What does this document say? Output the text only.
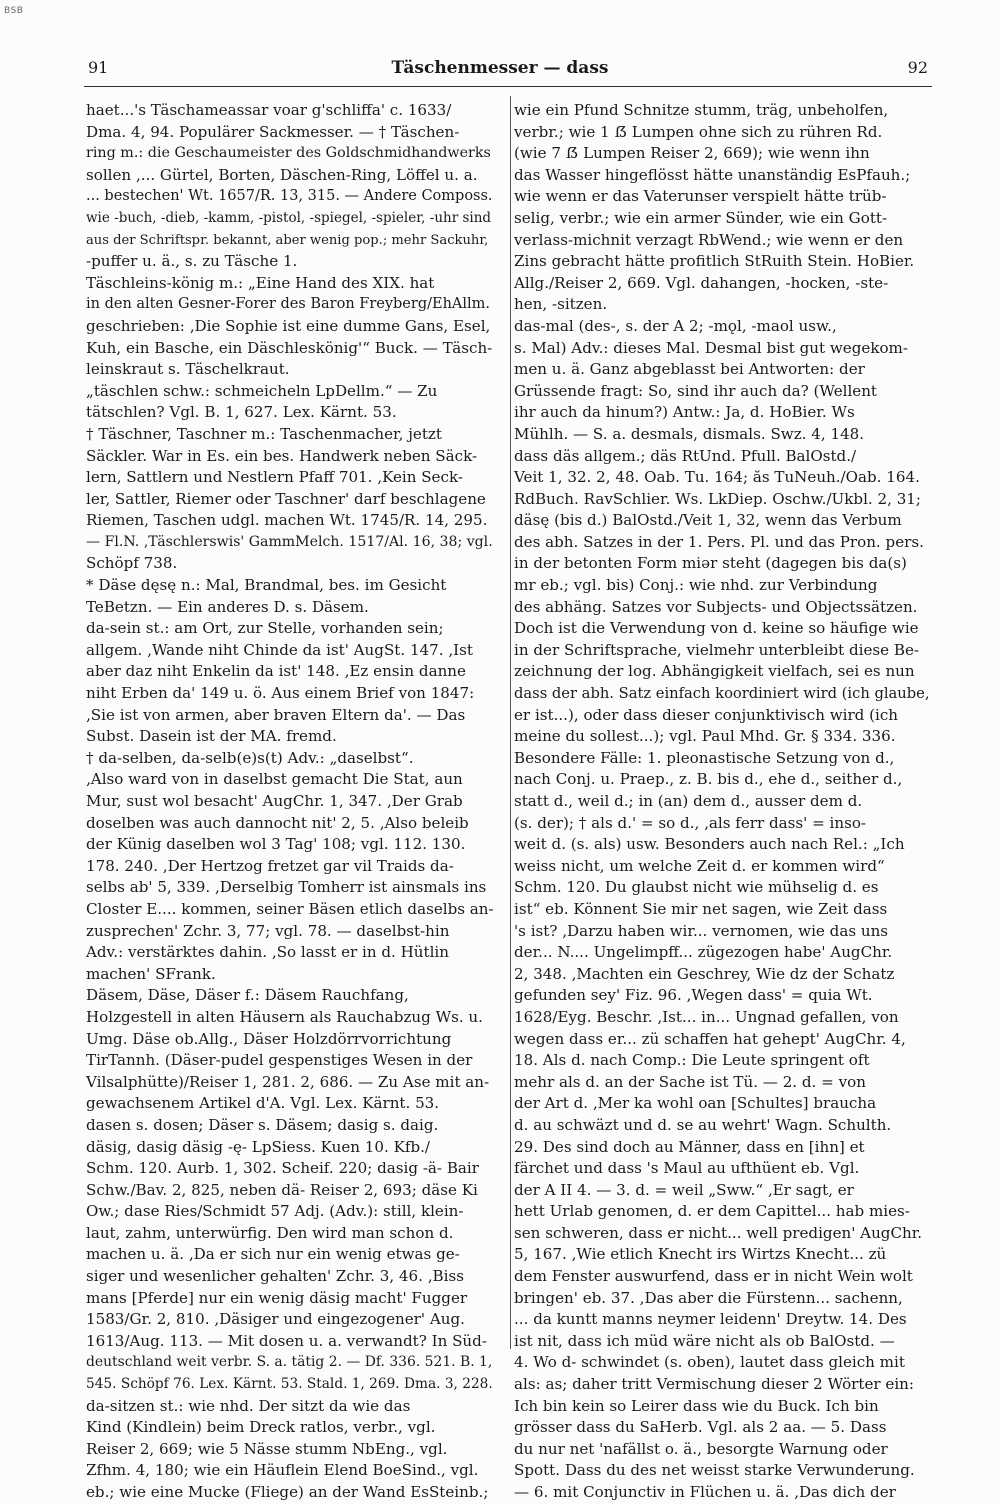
BSB
91	Täschenmesser — dass	92

haet...'s Täschameassar voar g'schliffa' c. 1633/

Dma. 4, 94. Populärer Sackmesser. — † Täschen-

ring m.: die Geschaumeister des Goldschmidhandwerks

sollen ,... Gürtel, Borten, Däschen-Ring, Löffel u. a.

... bestechen' Wt. 1657/R. 13, 315. — Andere Composs.

wie -buch, -dieb, -kamm, -pistol, -spiegel, -spieler, -uhr sind

aus der Schriftspr. bekannt, aber wenig pop.; mehr Sackuhr,

-puffer u. ä., s. zu Täsche 1.

Täschleins-könig m.: „Eine Hand des XIX. hat

in den alten Gesner-Forer des Baron Freyberg/EhAllm.

geschrieben: ‚Die Sophie ist eine dumme Gans, Esel,

Kuh, ein Basche, ein Däschleskönig'“ Buck. — Täsch-

leinskraut s. Täschelkraut.

„täschlen schw.: schmeicheln LpDellm.“ — Zu

tätschlen? Vgl. B. 1, 627. Lex. Kärnt. 53.

† Täschner, Taschner m.: Taschenmacher, jetzt

Säckler. War in Es. ein bes. Handwerk neben Säck-

lern, Sattlern und Nestlern Pfaff 701. ‚Kein Seck-

ler, Sattler, Riemer oder Taschner' darf beschlagene

Riemen, Taschen udgl. machen Wt. 1745/R. 14, 295.

— Fl.N. ‚Täschlerswis' GammMelch. 1517/Al. 16, 38; vgl.

Schöpf 738.

* Däse dęsę n.: Mal, Brandmal, bes. im Gesicht

TeBetzn. — Ein anderes D. s. Däsem.

da-sein st.: am Ort, zur Stelle, vorhanden sein;

allgem. ‚Wande niht Chinde da ist' AugSt. 147. ‚Ist

aber daz niht Enkelin da ist' 148. ‚Ez ensin danne

niht Erben da' 149 u. ö. Aus einem Brief von 1847:

‚Sie ist von armen, aber braven Eltern da'. — Das

Subst. Dasein ist der MA. fremd.

† da-selben, da-selb(e)s(t) Adv.: „daselbst“.

‚Also ward von in daselbst gemacht Die Stat, aun

Mur, sust wol besacht' AugChr. 1, 347. ‚Der Grab

doselben was auch dannocht nit' 2, 5. ‚Also beleib

der Künig daselben wol 3 Tag' 108; vgl. 112. 130.

178. 240. ‚Der Hertzog fretzet gar vil Traids da-

selbs ab' 5, 339. ‚Derselbig Tomherr ist ainsmals ins

Closter E.... kommen, seiner Bäsen etlich daselbs an-

zusprechen' Zchr. 3, 77; vgl. 78. — daselbst-hin

Adv.: verstärktes dahin. ‚So lasst er in d. Hütlin

machen' SFrank.

Däsem, Däse, Däser f.: Däsem Rauchfang,

Holzgestell in alten Häusern als Rauchabzug Ws. u.

Umg. Däse ob.Allg., Däser Holzdörrvorrichtung

TirTannh. (Däser-pudel gespenstiges Wesen in der

Vilsalphütte)/Reiser 1, 281. 2, 686. — Zu Ase mit an-

gewachsenem Artikel d'A. Vgl. Lex. Kärnt. 53.

dasen s. dosen; Däser s. Däsem; dasig s. daig.

däsig, dasig däsig -ę- LpSiess. Kuen 10. Kfb./

Schm. 120. Aurb. 1, 302. Scheif. 220; dasig -ä- Bair

Schw./Bav. 2, 825, neben dä- Reiser 2, 693; däse Ki

Ow.; dase Ries/Schmidt 57 Adj. (Adv.): still, klein-

laut, zahm, unterwürfig. Den wird man schon d.

machen u. ä. ‚Da er sich nur ein wenig etwas ge-

siger und wesenlicher gehalten' Zchr. 3, 46. ‚Biss

mans [Pferde] nur ein wenig däsig macht' Fugger

1583/Gr. 2, 810. ‚Däsiger und eingezogener' Aug.

1613/Aug. 113. — Mit dosen u. a. verwandt? In Süd-

deutschland weit verbr. S. a. tätig 2. — Df. 336. 521. B. 1,

545. Schöpf 76. Lex. Kärnt. 53. Stald. 1, 269. Dma. 3, 228.

da-sitzen st.: wie nhd. Der sitzt da wie das

Kind (Kindlein) beim Dreck ratlos, verbr., vgl.

Reiser 2, 669; wie 5 Nässe stumm NbEng., vgl.

Zfhm. 4, 180; wie ein Häuflein Elend BoeSind., vgl.

eb.; wie eine Mucke (Fliege) an der Wand EsSteinb.;

wie ein Pfund Schnitze stumm, träg, unbeholfen,

verbr.; wie 1 ẞ Lumpen ohne sich zu rühren Rd.

(wie 7 ẞ Lumpen Reiser 2, 669); wie wenn ihn

das Wasser hingeflösst hätte unanständig EsPfauh.;

wie wenn er das Vaterunser verspielt hätte trüb-

selig, verbr.; wie ein armer Sünder, wie ein Gott-

verlass-michnit verzagt RbWend.; wie wenn er den

Zins gebracht hätte profitlich StRuith Stein. HoBier.

Allg./Reiser 2, 669. Vgl. dahangen, -hocken, -ste-

hen, -sitzen.

das-mal (des-, s. der A 2; -mǫl, -maol usw.,

s. Mal) Adv.: dieses Mal. Desmal bist gut wegekom-

men u. ä. Ganz abgeblasst bei Antworten: der

Grüssende fragt: So, sind ihr auch da? (Wellent

ihr auch da hinum?) Antw.: Ja, d. HoBier. Ws

Mühlh. — S. a. desmals, dismals. Swz. 4, 148.

dass däs allgem.; däs RtUnd. Pfull. BalOstd./

Veit 1, 32. 2, 48. Oab. Tu. 164; ăs TuNeuh./Oab. 164.

RdBuch. RavSchlier. Ws. LkDiep. Oschw./Ukbl. 2, 31;

däsę (bis d.) BalOstd./Veit 1, 32, wenn das Verbum

des abh. Satzes in der 1. Pers. Pl. und das Pron. pers.

in der betonten Form miər steht (dagegen bis da(s)

mr eb.; vgl. bis) Conj.: wie nhd. zur Verbindung

des abhäng. Satzes vor Subjects- und Objectssätzen.

Doch ist die Verwendung von d. keine so häufige wie

in der Schriftsprache, vielmehr unterbleibt diese Be-

zeichnung der log. Abhängigkeit vielfach, sei es nun

dass der abh. Satz einfach koordiniert wird (ich glaube,

er ist...), oder dass dieser conjunktivisch wird (ich

meine du sollest...); vgl. Paul Mhd. Gr. § 334. 336.

Besondere Fälle: 1. pleonastische Setzung von d.,

nach Conj. u. Praep., z. B. bis d., ehe d., seither d.,

statt d., weil d.; in (an) dem d., ausser dem d.

(s. der); † als d.' = so d., ‚als ferr dass' = inso-

weit d. (s. als) usw. Besonders auch nach Rel.: „Ich

weiss nicht, um welche Zeit d. er kommen wird“

Schm. 120. Du glaubst nicht wie mühselig d. es

ist“ eb. Könnent Sie mir net sagen, wie Zeit dass

's ist? ‚Darzu haben wir... vernomen, wie das uns

der... N.... Ungelimpff... zügezogen habe' AugChr.

2, 348. ‚Machten ein Geschrey, Wie dz der Schatz

gefunden sey' Fiz. 96. ‚Wegen dass' = quia Wt.

1628/Eyg. Beschr. ‚Ist... in... Ungnad gefallen, von

wegen dass er... zü schaffen hat gehept' AugChr. 4,

18. Als d. nach Comp.: Die Leute springent oft

mehr als d. an der Sache ist Tü. — 2. d. = von

der Art d. ‚Mer ka wohl oan [Schultes] braucha

d. au schwäzt und d. se au wehrt' Wagn. Schulth.

29. Des sind doch au Männer, dass en [ihn] et

färchet und dass 's Maul au ufthüent eb. Vgl.

der A II 4. — 3. d. = weil „Sww.“ ‚Er sagt, er

hett Urlab genomen, d. er dem Capittel... hab mies-

sen schweren, dass er nicht... well predigen' AugChr.

5, 167. ‚Wie etlich Knecht irs Wirtzs Knecht... zü

dem Fenster auswurfend, dass er in nicht Wein wolt

bringen' eb. 37. ‚Das aber die Fürstenn... sachenn,

... da kuntt manns neymer leidenn' Dreytw. 14. Des

ist nit, dass ich müd wäre nicht als ob BalOstd. —

4. Wo d- schwindet (s. oben), lautet dass gleich mit

als: as; daher tritt Vermischung dieser 2 Wörter ein:

Ich bin kein so Leirer dass wie du Buck. Ich bin

grösser dass du SaHerb. Vgl. als 2 aa. — 5. Dass

du nur net 'nafällst o. ä., besorgte Warnung oder

Spott. Dass du des net weisst starke Verwunderung.

— 6. mit Conjunctiv in Flüchen u. ä. ‚Das dich der
